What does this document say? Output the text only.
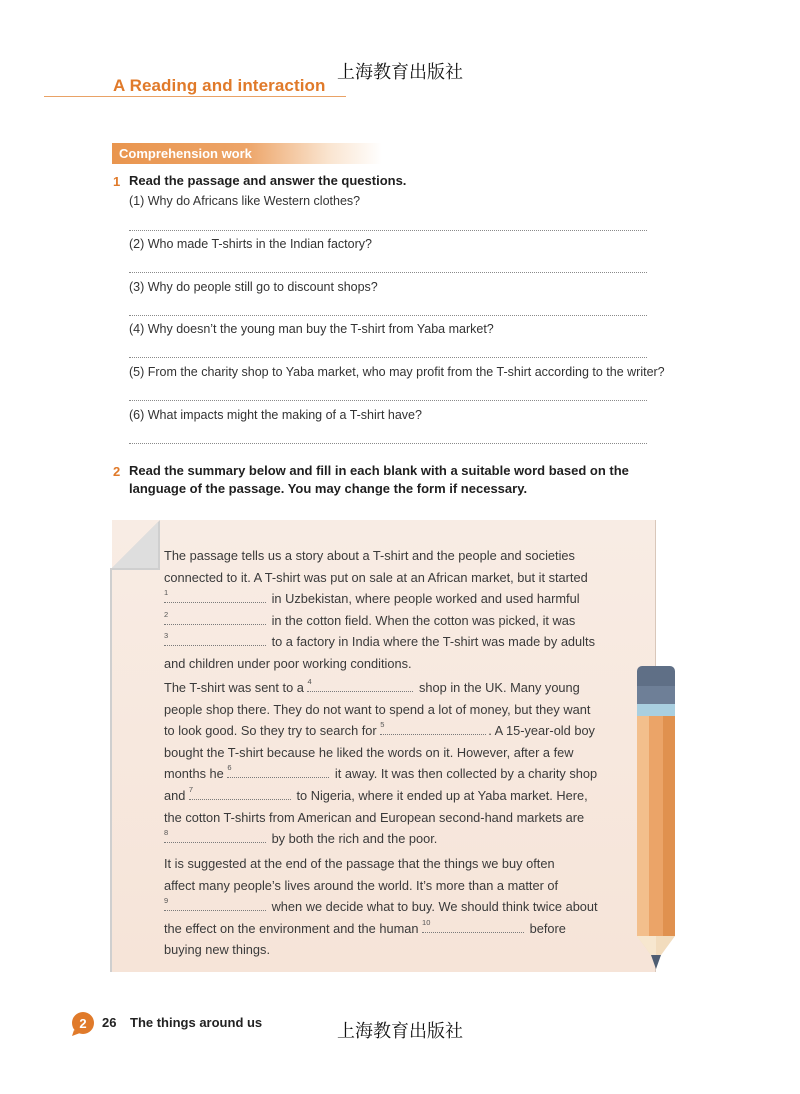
上海教育出版社
A Reading and interaction
Comprehension work
1 Read the passage and answer the questions.
(1) Why do Africans like Western clothes?
(2) Who made T-shirts in the Indian factory?
(3) Why do people still go to discount shops?
(4) Why doesn’t the young man buy the T-shirt from Yaba market?
(5) From the charity shop to Yaba market, who may profit from the T-shirt according to the writer?
(6) What impacts might the making of a T-shirt have?
2 Read the summary below and fill in each blank with a suitable word based on the
language of the passage. You may change the form if necessary.

The passage tells us a story about a T-shirt and the people and societies

connected to it. A T-shirt was put on sale at an African market, but it started

1	in Uzbekistan, where people worked and used harmful

2	in the cotton field. When the cotton was picked, it was

3	to a factory in India where the T-shirt was made by adults

and children under poor working conditions.

The T-shirt was sent to a 4	shop in the UK. Many young

people shop there. They do not want to spend a lot of money, but they want

to look good. So they try to search for 5	. A 15-year-old boy

bought the T-shirt because he liked the words on it. However, after a few

months he 6	it away. It was then collected by a charity shop

and 7	to Nigeria, where it ended up at Yaba market. Here,

the cotton T-shirts from American and European second-hand markets are

8	by both the rich and the poor.

It is suggested at the end of the passage that the things we buy often

affect many people’s lives around the world. It’s more than a matter of

9	when we decide what to buy. We should think twice about

the effect on the environment and the human 10	before

buying new things.

2 26 The things around us	上海教育出版社
